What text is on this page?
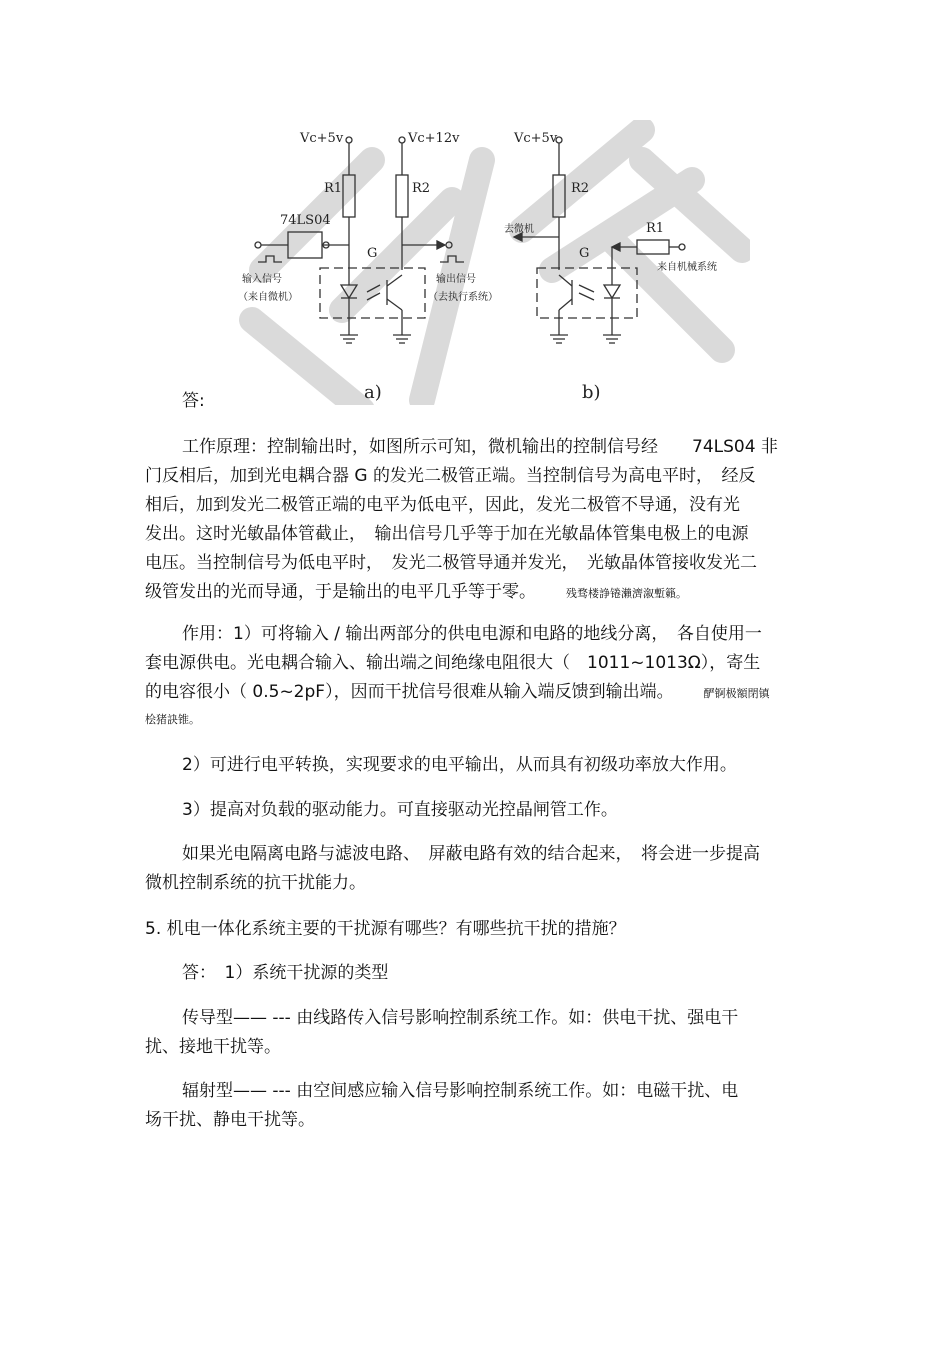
Vc+5v	Vc+12v
R1	R2
74LS04
G
输入信号
（来自微机）
输出信号
（去执行系统）
a)
Vc+5v
R2
R1
G
去微机
来自机械系统
b)
答:
工作原理：控制输出时，如图所示可知，微机输出的控制信号经　　74LS04 非
门反相后，加到光电耦合器 G 的发光二极管正端。当控制信号为高电平时，　经反
相后，加到发光二极管正端的电平为低电平，因此，发光二极管不导通，没有光
发出。这时光敏晶体管截止，　输出信号几乎等于加在光敏晶体管集电极上的电源
电压。当控制信号为低电平时，　发光二极管导通并发光，　光敏晶体管接收发光二
级管发出的光而导通，于是输出的电平几乎等于零。	残骛楼諍锩瀨濟溆塹籟。
作用：1）可将输入 / 输出两部分的供电电源和电路的地线分离，　各自使用一
套电源供电。光电耦合输入、输出端之间绝缘电阻很大（　1011~1013Ω），寄生
的电容很小（ 0.5~2pF），因而干扰信号很难从输入端反馈到输出端。	酽锕极額閉镇
桧猪訣锥。
2）可进行电平转换，实现要求的电平输出，从而具有初级功率放大作用。
3）提高对负载的驱动能力。可直接驱动光控晶闸管工作。
如果光电隔离电路与滤波电路、　屏蔽电路有效的结合起来，　将会进一步提高
微机控制系统的抗干扰能力。
5. 机电一体化系统主要的干扰源有哪些？有哪些抗干扰的措施？
答：　1）系统干扰源的类型
传导型—— --- 由线路传入信号影响控制系统工作。如：供电干扰、强电干
扰、接地干扰等。
辐射型—— --- 由空间感应输入信号影响控制系统工作。如：电磁干扰、电
场干扰、静电干扰等。
